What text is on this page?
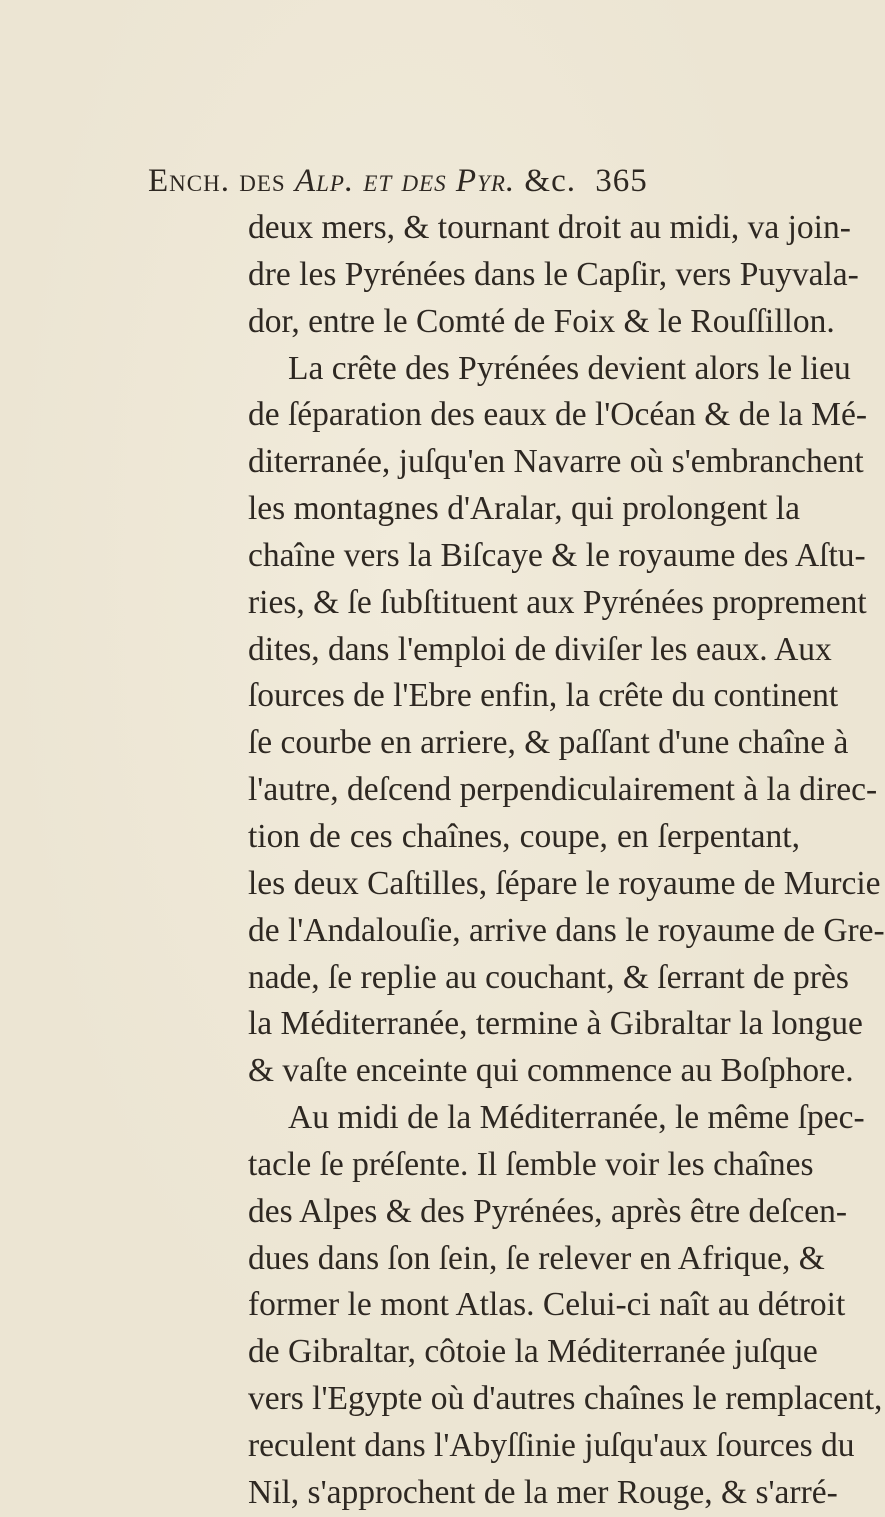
Encн. des Alp. et des Pyr. &c. 365
deux mers, & tournant droit au midi, va join-
dre les Pyrénées dans le Capſir, vers Puyvala-
dor, entre le Comté de Foix & le Rouſſillon.
La crête des Pyrénées devient alors le lieu
de ſéparation des eaux de l'Océan & de la Mé-
diterranée, juſqu'en Navarre où s'embranchent
les montagnes d'Aralar, qui prolongent la
chaîne vers la Biſcaye & le royaume des Aſtu-
ries, & ſe ſubſtituent aux Pyrénées proprement
dites, dans l'emploi de diviſer les eaux. Aux
ſources de l'Ebre enfin, la crête du continent
ſe courbe en arriere, & paſſant d'une chaîne à
l'autre, deſcend perpendiculairement à la direc-
tion de ces chaînes, coupe, en ſerpentant,
les deux Caſtilles, ſépare le royaume de Murcie
de l'Andalouſie, arrive dans le royaume de Gre-
nade, ſe replie au couchant, & ſerrant de près
la Méditerranée, termine à Gibraltar la longue
& vaſte enceinte qui commence au Boſphore.
Au midi de la Méditerranée, le même ſpec-
tacle ſe préſente. Il ſemble voir les chaînes
des Alpes & des Pyrénées, après être deſcen-
dues dans ſon ſein, ſe relever en Afrique, &
former le mont Atlas. Celui-ci naît au détroit
de Gibraltar, côtoie la Méditerranée juſque
vers l'Egypte où d'autres chaînes le remplacent,
reculent dans l'Abyſſinie juſqu'aux ſources du
Nil, s'approchent de la mer Rouge, & s'arré-
